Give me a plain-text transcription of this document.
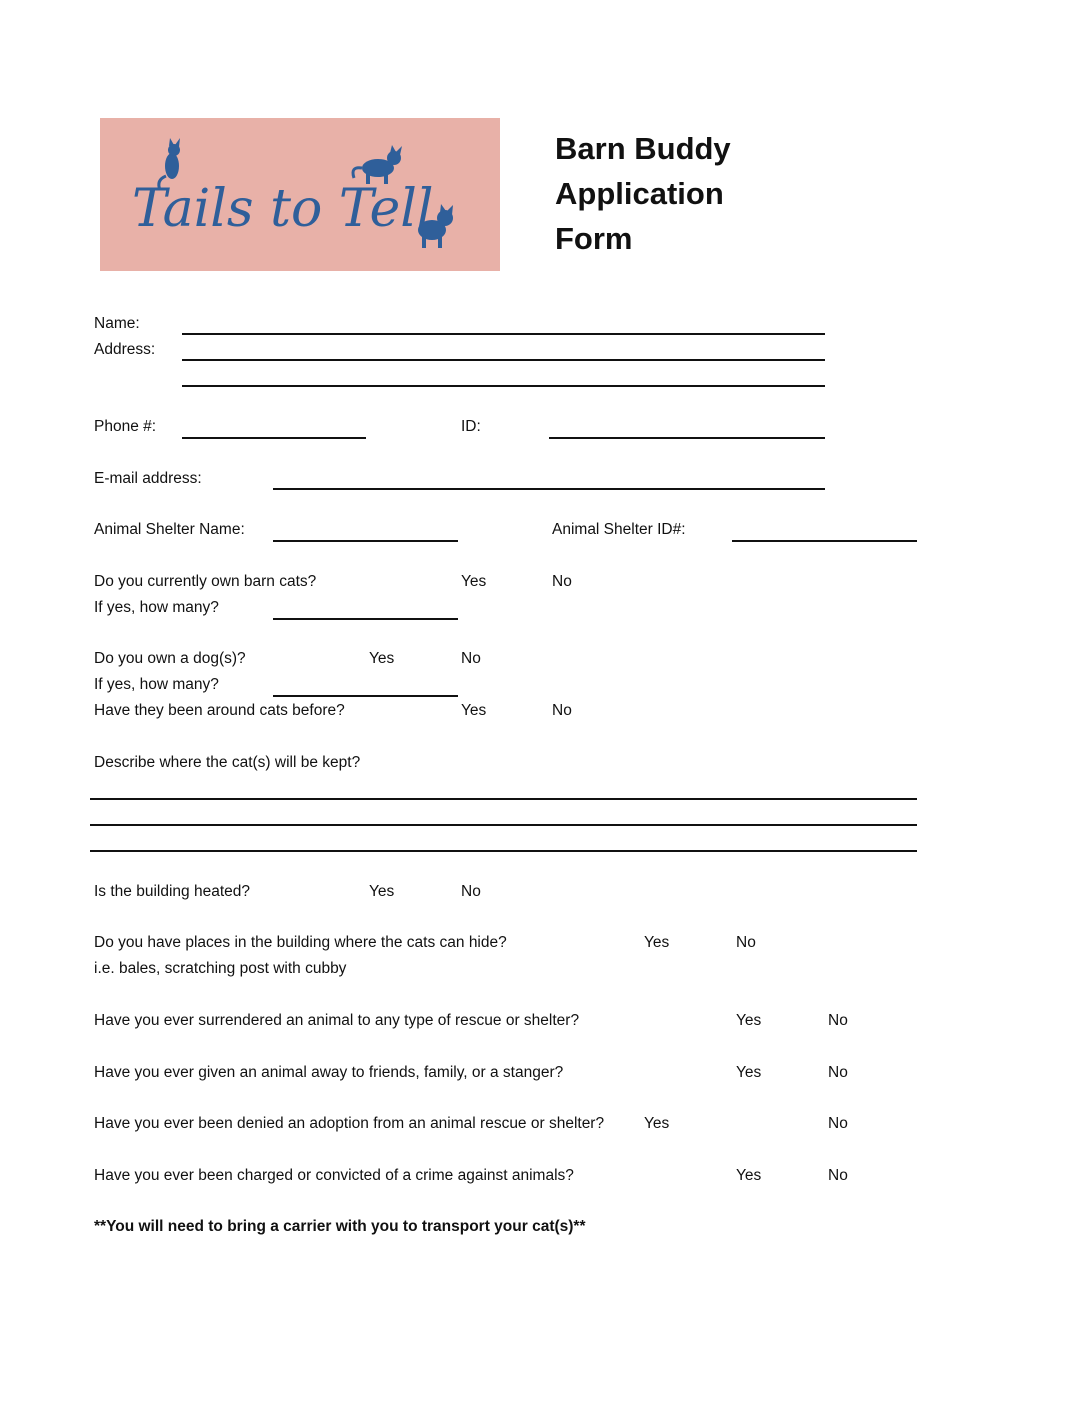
Tails to Tell
Barn Buddy
Application
Form
Name:
Address:
Phone #:	ID:
E-mail address:
Animal Shelter Name:	Animal Shelter ID#:
Do you currently own barn cats?	Yes	No
If yes, how many?
Do you own a dog(s)?	Yes	No
If yes, how many?
Have they been around cats before?	Yes	No
Describe where the cat(s) will be kept?
Is the building heated?	Yes	No
Do you have places in the building where the cats can hide?	Yes	No
i.e. bales, scratching post with cubby
Have you ever surrendered an animal to any type of rescue or shelter?	Yes	No
Have you ever given an animal away to friends, family, or a stanger?	Yes	No
Have you ever been denied an adoption from an animal rescue or shelter?	Yes	No
Have you ever been charged or convicted of a crime against animals?	Yes	No
**You will need to bring a carrier with you to transport your cat(s)**
